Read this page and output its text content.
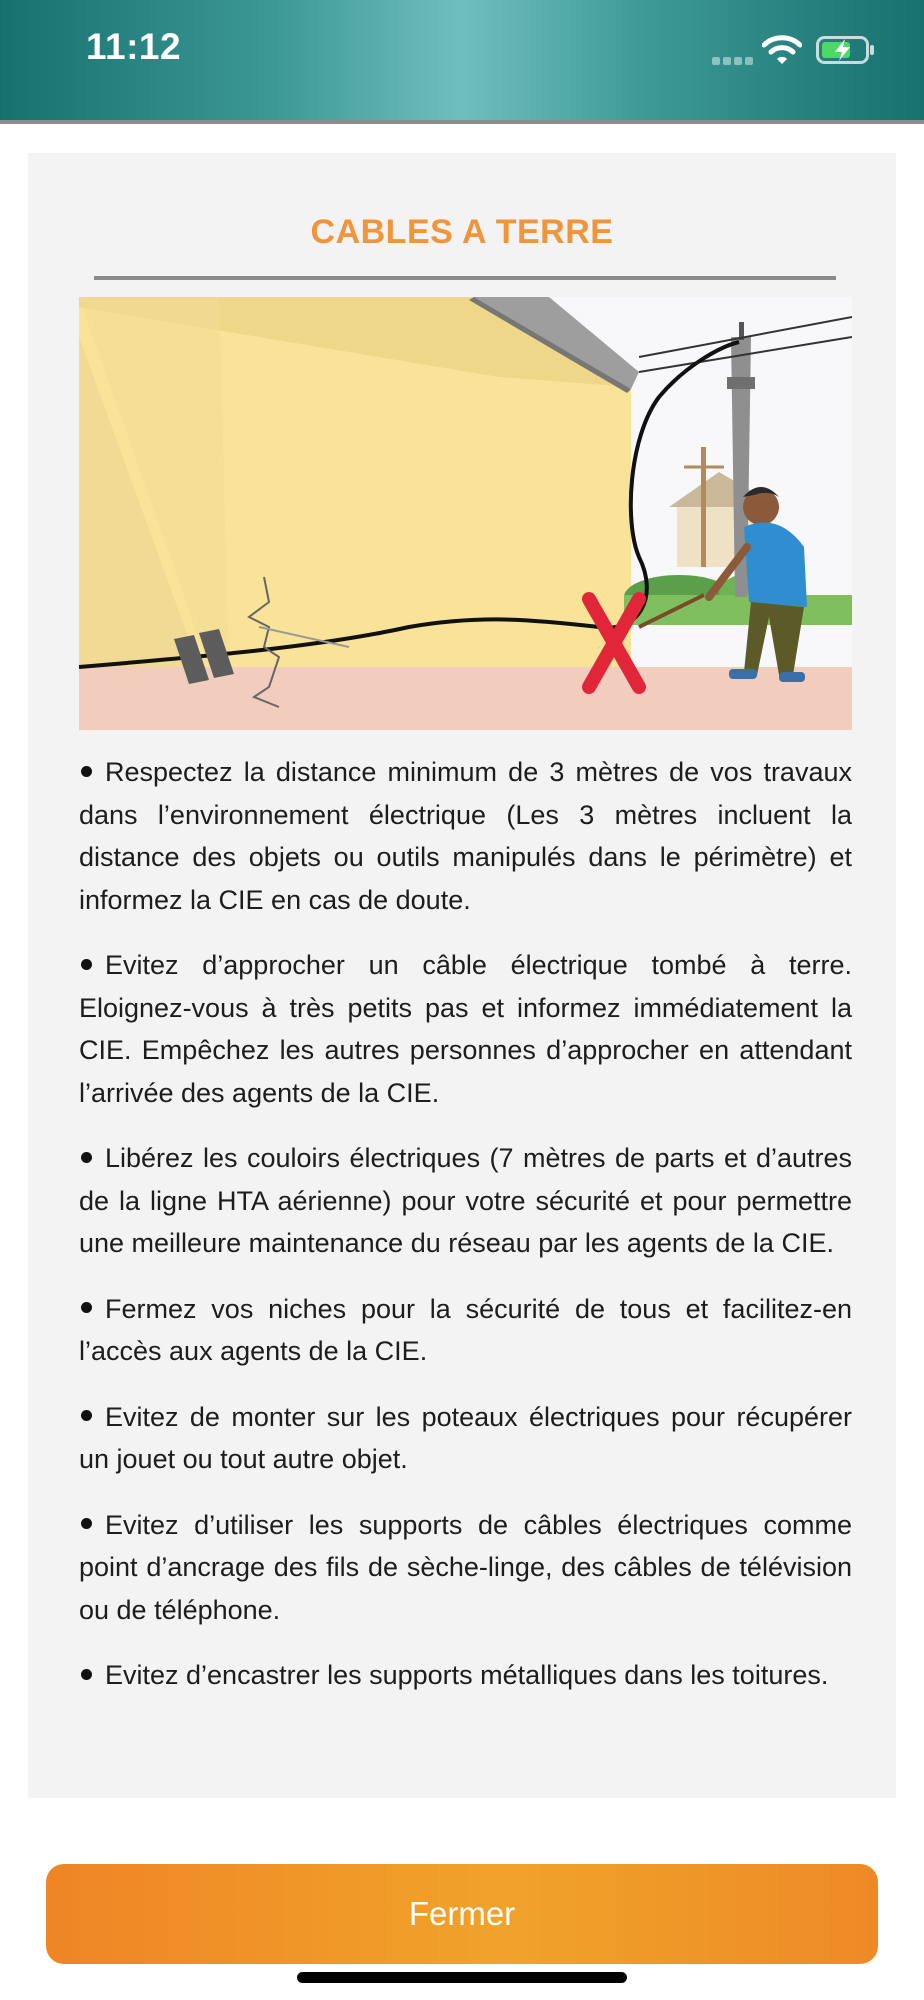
11:12
CABLES A TERRE
Respectez la distance minimum de 3 mètres de vos travaux dans l’environnement électrique (Les 3 mètres incluent la distance des objets ou outils manipulés dans le périmètre) et informez la CIE en cas de doute.
Evitez d’approcher un câble électrique tombé à terre. Eloignez-vous à très petits pas et informez immédiatement la CIE. Empêchez les autres personnes d’approcher en attendant l’arrivée des agents de la CIE.
Libérez les couloirs électriques (7 mètres de parts et d’autres de la ligne HTA aérienne) pour votre sécurité et pour permettre une meilleure maintenance du réseau par les agents de la CIE.
Fermez vos niches pour la sécurité de tous et facilitez-en l’accès aux agents de la CIE.
Evitez de monter sur les poteaux électriques pour récupérer un jouet ou tout autre objet.
Evitez d’utiliser les supports de câbles électriques comme point d’ancrage des fils de sèche-linge, des câbles de télévision ou de téléphone.
Evitez d’encastrer les supports métalliques dans les toitures.
Fermer
